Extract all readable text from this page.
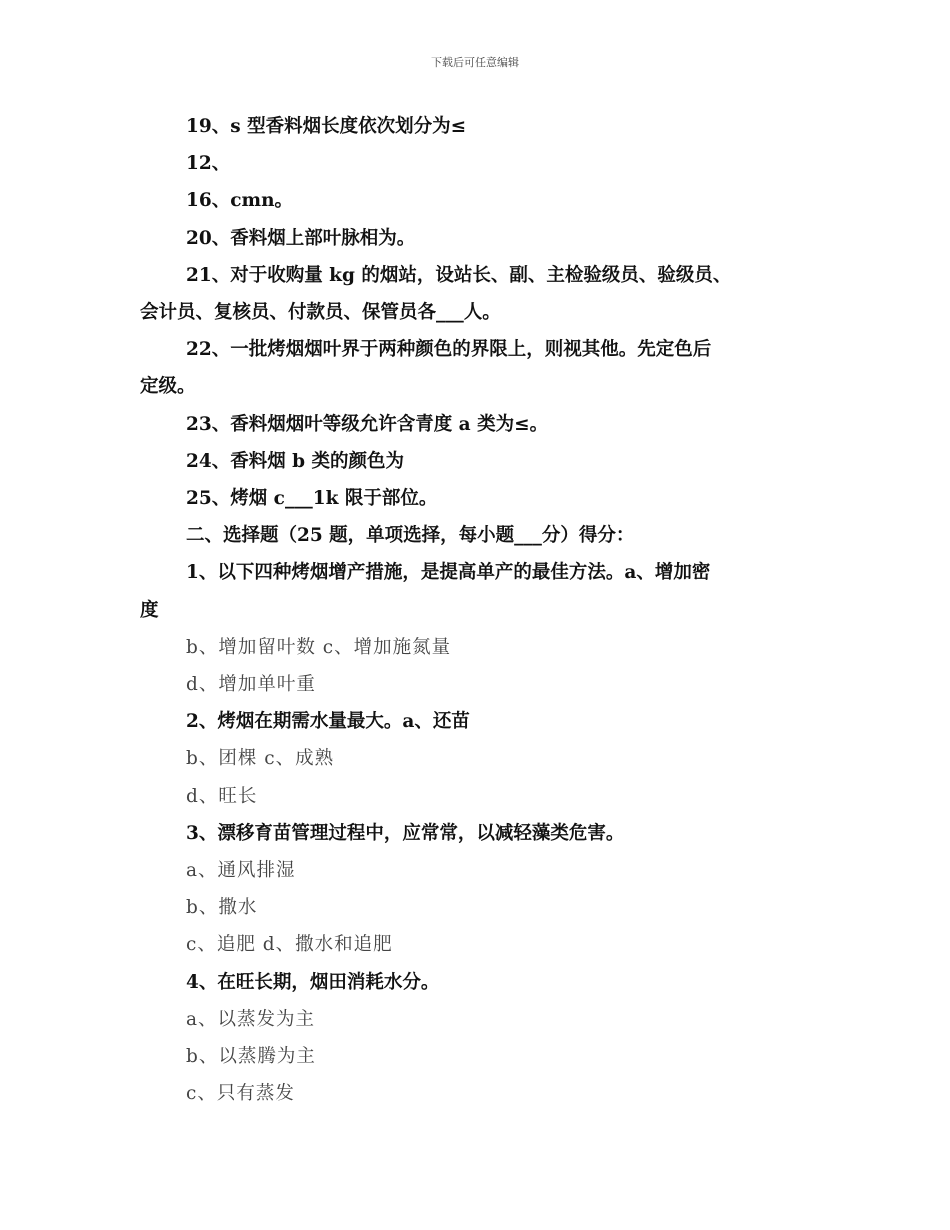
下载后可任意编辑
19、s 型香料烟长度依次划分为≤
12、
16、cmn。
20、香料烟上部叶脉相为。
21、对于收购量 kg 的烟站，设站长、副、主检验级员、验级员、
会计员、复核员、付款员、保管员各___人。
22、一批烤烟烟叶界于两种颜色的界限上，则视其他。先定色后
定级。
23、香料烟烟叶等级允许含青度 a 类为≤。
24、香料烟 b 类的颜色为
25、烤烟 c___1k 限于部位。
二、选择题（25 题，单项选择，每小题___分）得分：
1、以下四种烤烟增产措施，是提高单产的最佳方法。a、增加密
度
b、增加留叶数 c、增加施氮量
d、增加单叶重
2、烤烟在期需水量最大。a、还苗
b、团棵 c、成熟
d、旺长
3、漂移育苗管理过程中，应常常，以减轻藻类危害。
a、通风排湿
b、撒水
c、追肥 d、撒水和追肥
4、在旺长期，烟田消耗水分。
a、以蒸发为主
b、以蒸腾为主
c、只有蒸发
